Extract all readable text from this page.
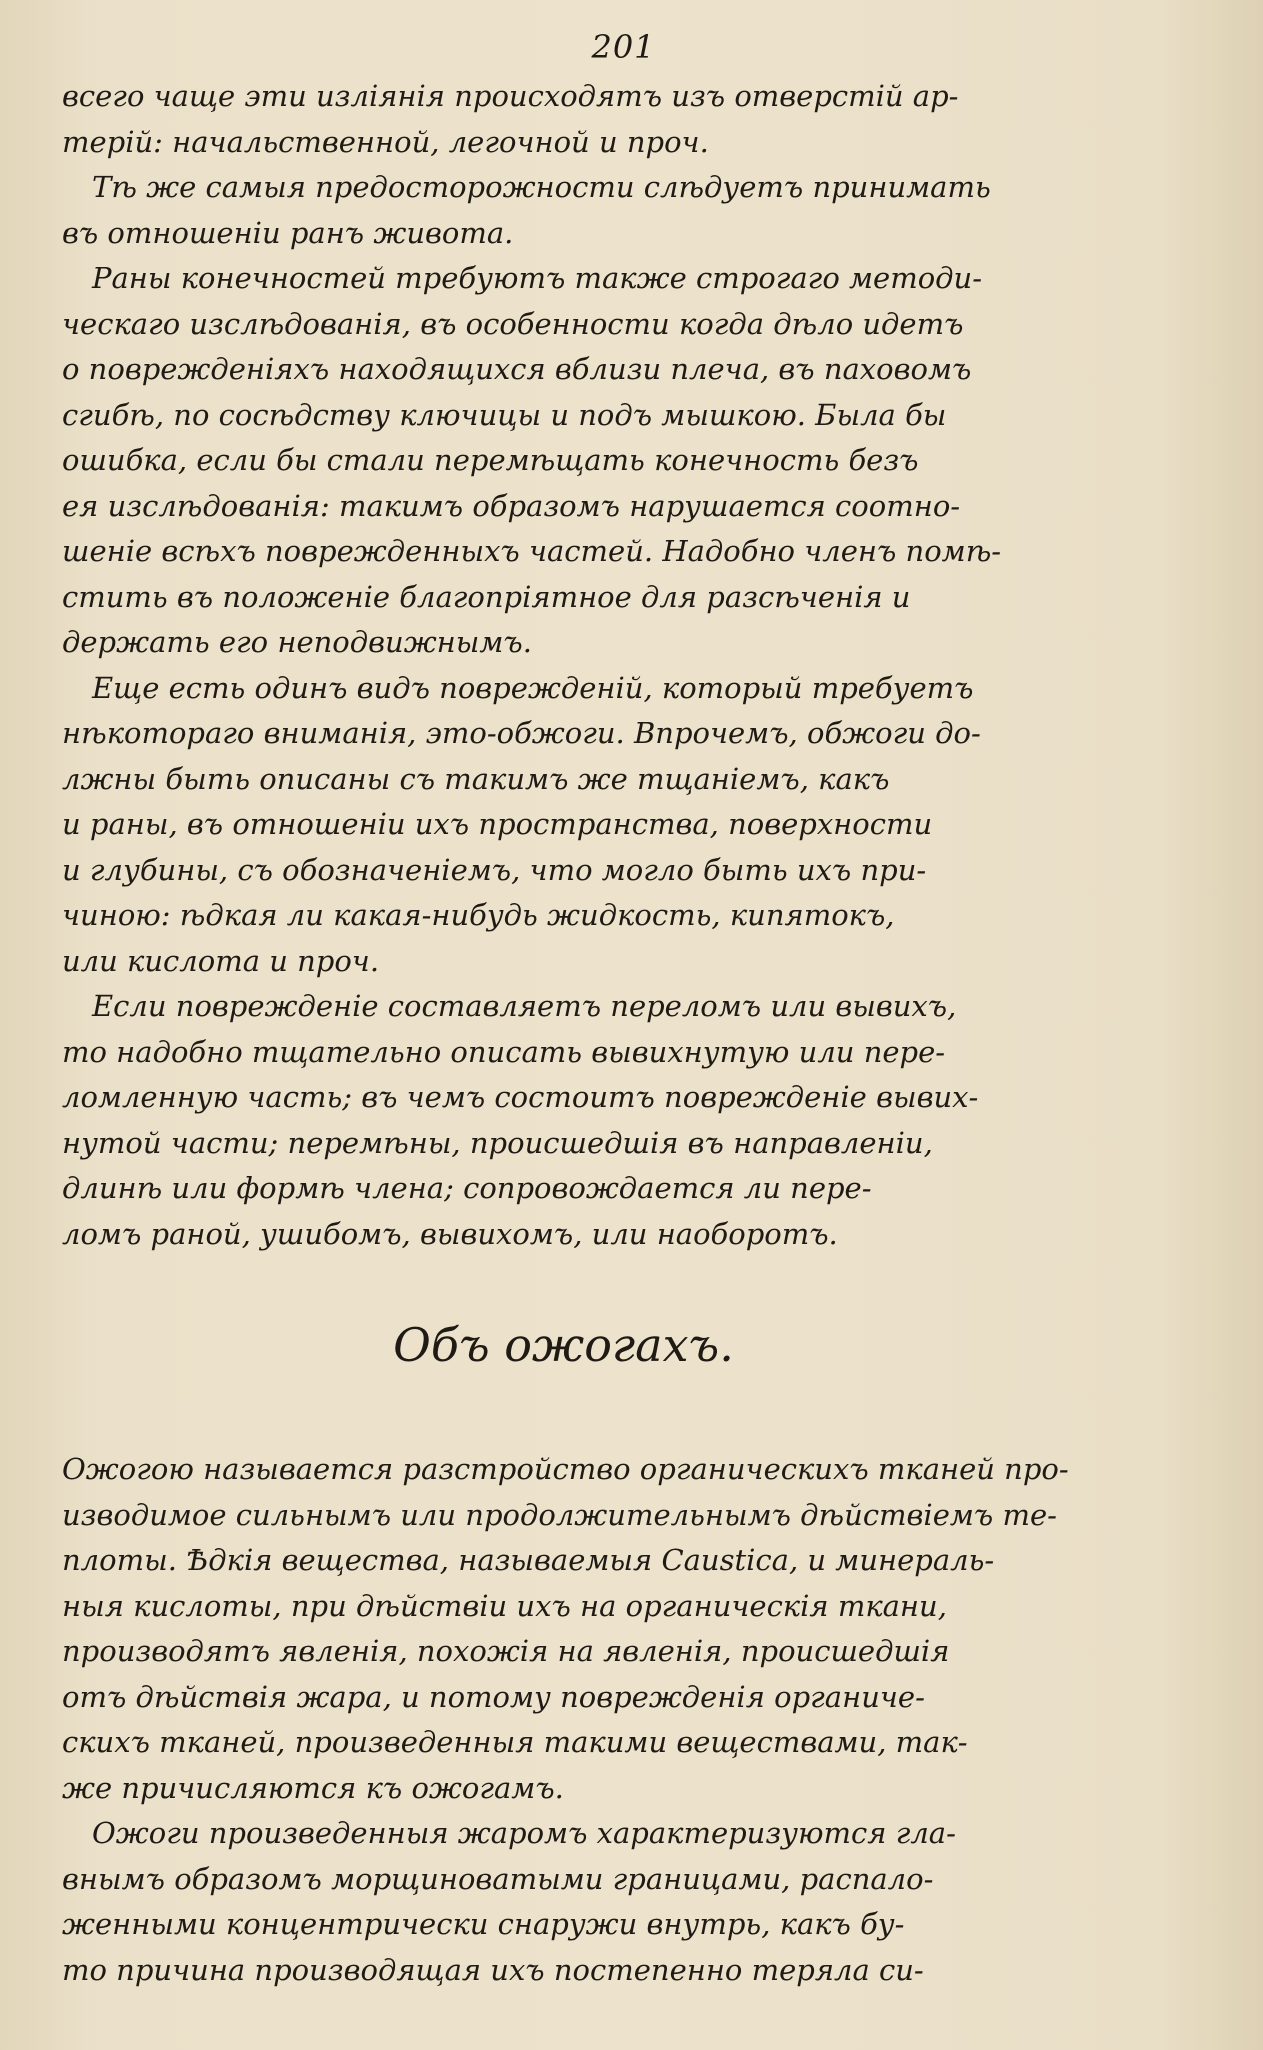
201
всего чаще эти изліянія происходятъ изъ отверстій ар-
терій: начальственной, легочной и проч.
Тѣ же самыя предосторожности слѣдуетъ принимать
въ отношеніи ранъ живота.
Раны конечностей требуютъ также строгаго методи-
ческаго изслѣдованія, въ особенности когда дѣло идетъ
о поврежденіяхъ находящихся вблизи плеча, въ паховомъ
сгибѣ, по сосѣдству ключицы и подъ мышкою. Была бы
ошибка, если бы стали перемѣщать конечность безъ
ея изслѣдованія: такимъ образомъ нарушается соотно-
шеніе всѣхъ поврежденныхъ частей. Надобно членъ помѣ-
стить въ положеніе благопріятное для разсѣченія и
держать его неподвижнымъ.
Еще есть одинъ видъ поврежденій, который требуетъ
нѣкотораго вниманія, это-обжоги. Впрочемъ, обжоги до-
лжны быть описаны съ такимъ же тщаніемъ, какъ
и раны, въ отношеніи ихъ пространства, поверхности
и глубины, съ обозначеніемъ, что могло быть ихъ при-
чиною: ѣдкая ли какая-нибудь жидкость, кипятокъ,
или кислота и проч.
Если поврежденіе составляетъ переломъ или вывихъ,
то надобно тщательно описать вывихнутую или пере-
ломленную часть; въ чемъ состоитъ поврежденіе вывих-
нутой части; перемѣны, происшедшія въ направленіи,
длинѣ или формѣ члена; сопровождается ли пере-
ломъ раной, ушибомъ, вывихомъ, или наоборотъ.
Объ ожогахъ.
Ожогою называется разстройство органическихъ тканей про-
изводимое сильнымъ или продолжительнымъ дѣйствіемъ те-
плоты. Ѣдкія вещества, называемыя Caustica, и минераль-
ныя кислоты, при дѣйствіи ихъ на органическія ткани,
производятъ явленія, похожія на явленія, происшедшія
отъ дѣйствія жара, и потому поврежденія органиче-
скихъ тканей, произведенныя такими веществами, так-
же причисляются къ ожогамъ.
Ожоги произведенныя жаромъ характеризуются гла-
внымъ образомъ морщиноватыми границами, распало-
женными концентрически снаружи внутрь, какъ бу-
то причина производящая ихъ постепенно теряла си-
